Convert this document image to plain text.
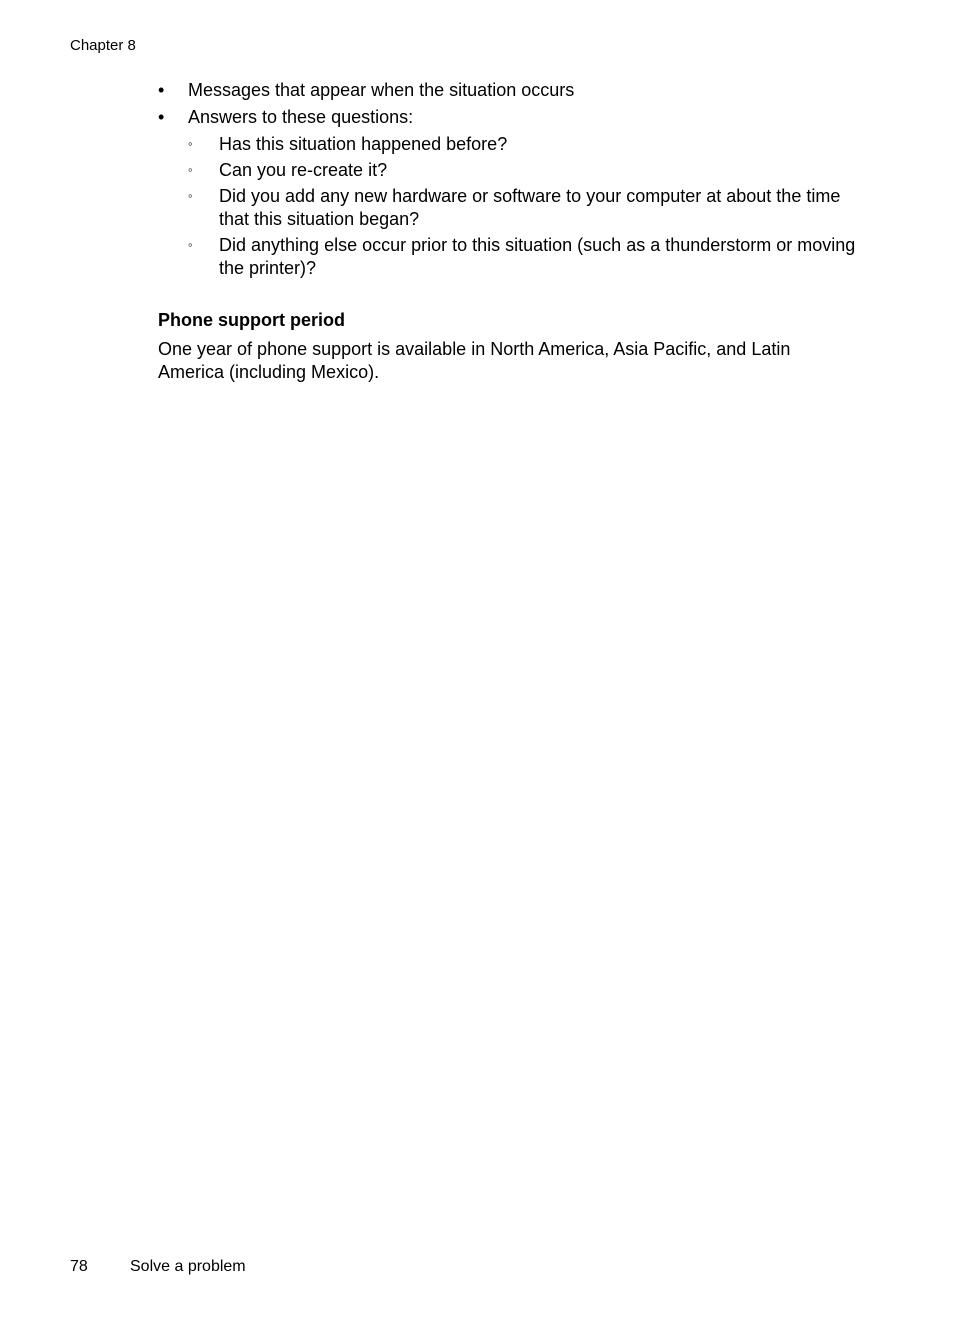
Chapter 8
•	Messages that appear when the situation occurs
•	Answers to these questions:
◦	Has this situation happened before?
◦	Can you re-create it?
◦	Did you add any new hardware or software to your computer at about the time that this situation began?
◦	Did anything else occur prior to this situation (such as a thunderstorm or moving the printer)?
Phone support period

One year of phone support is available in North America, Asia Pacific, and Latin America (including Mexico).

78	Solve a problem
